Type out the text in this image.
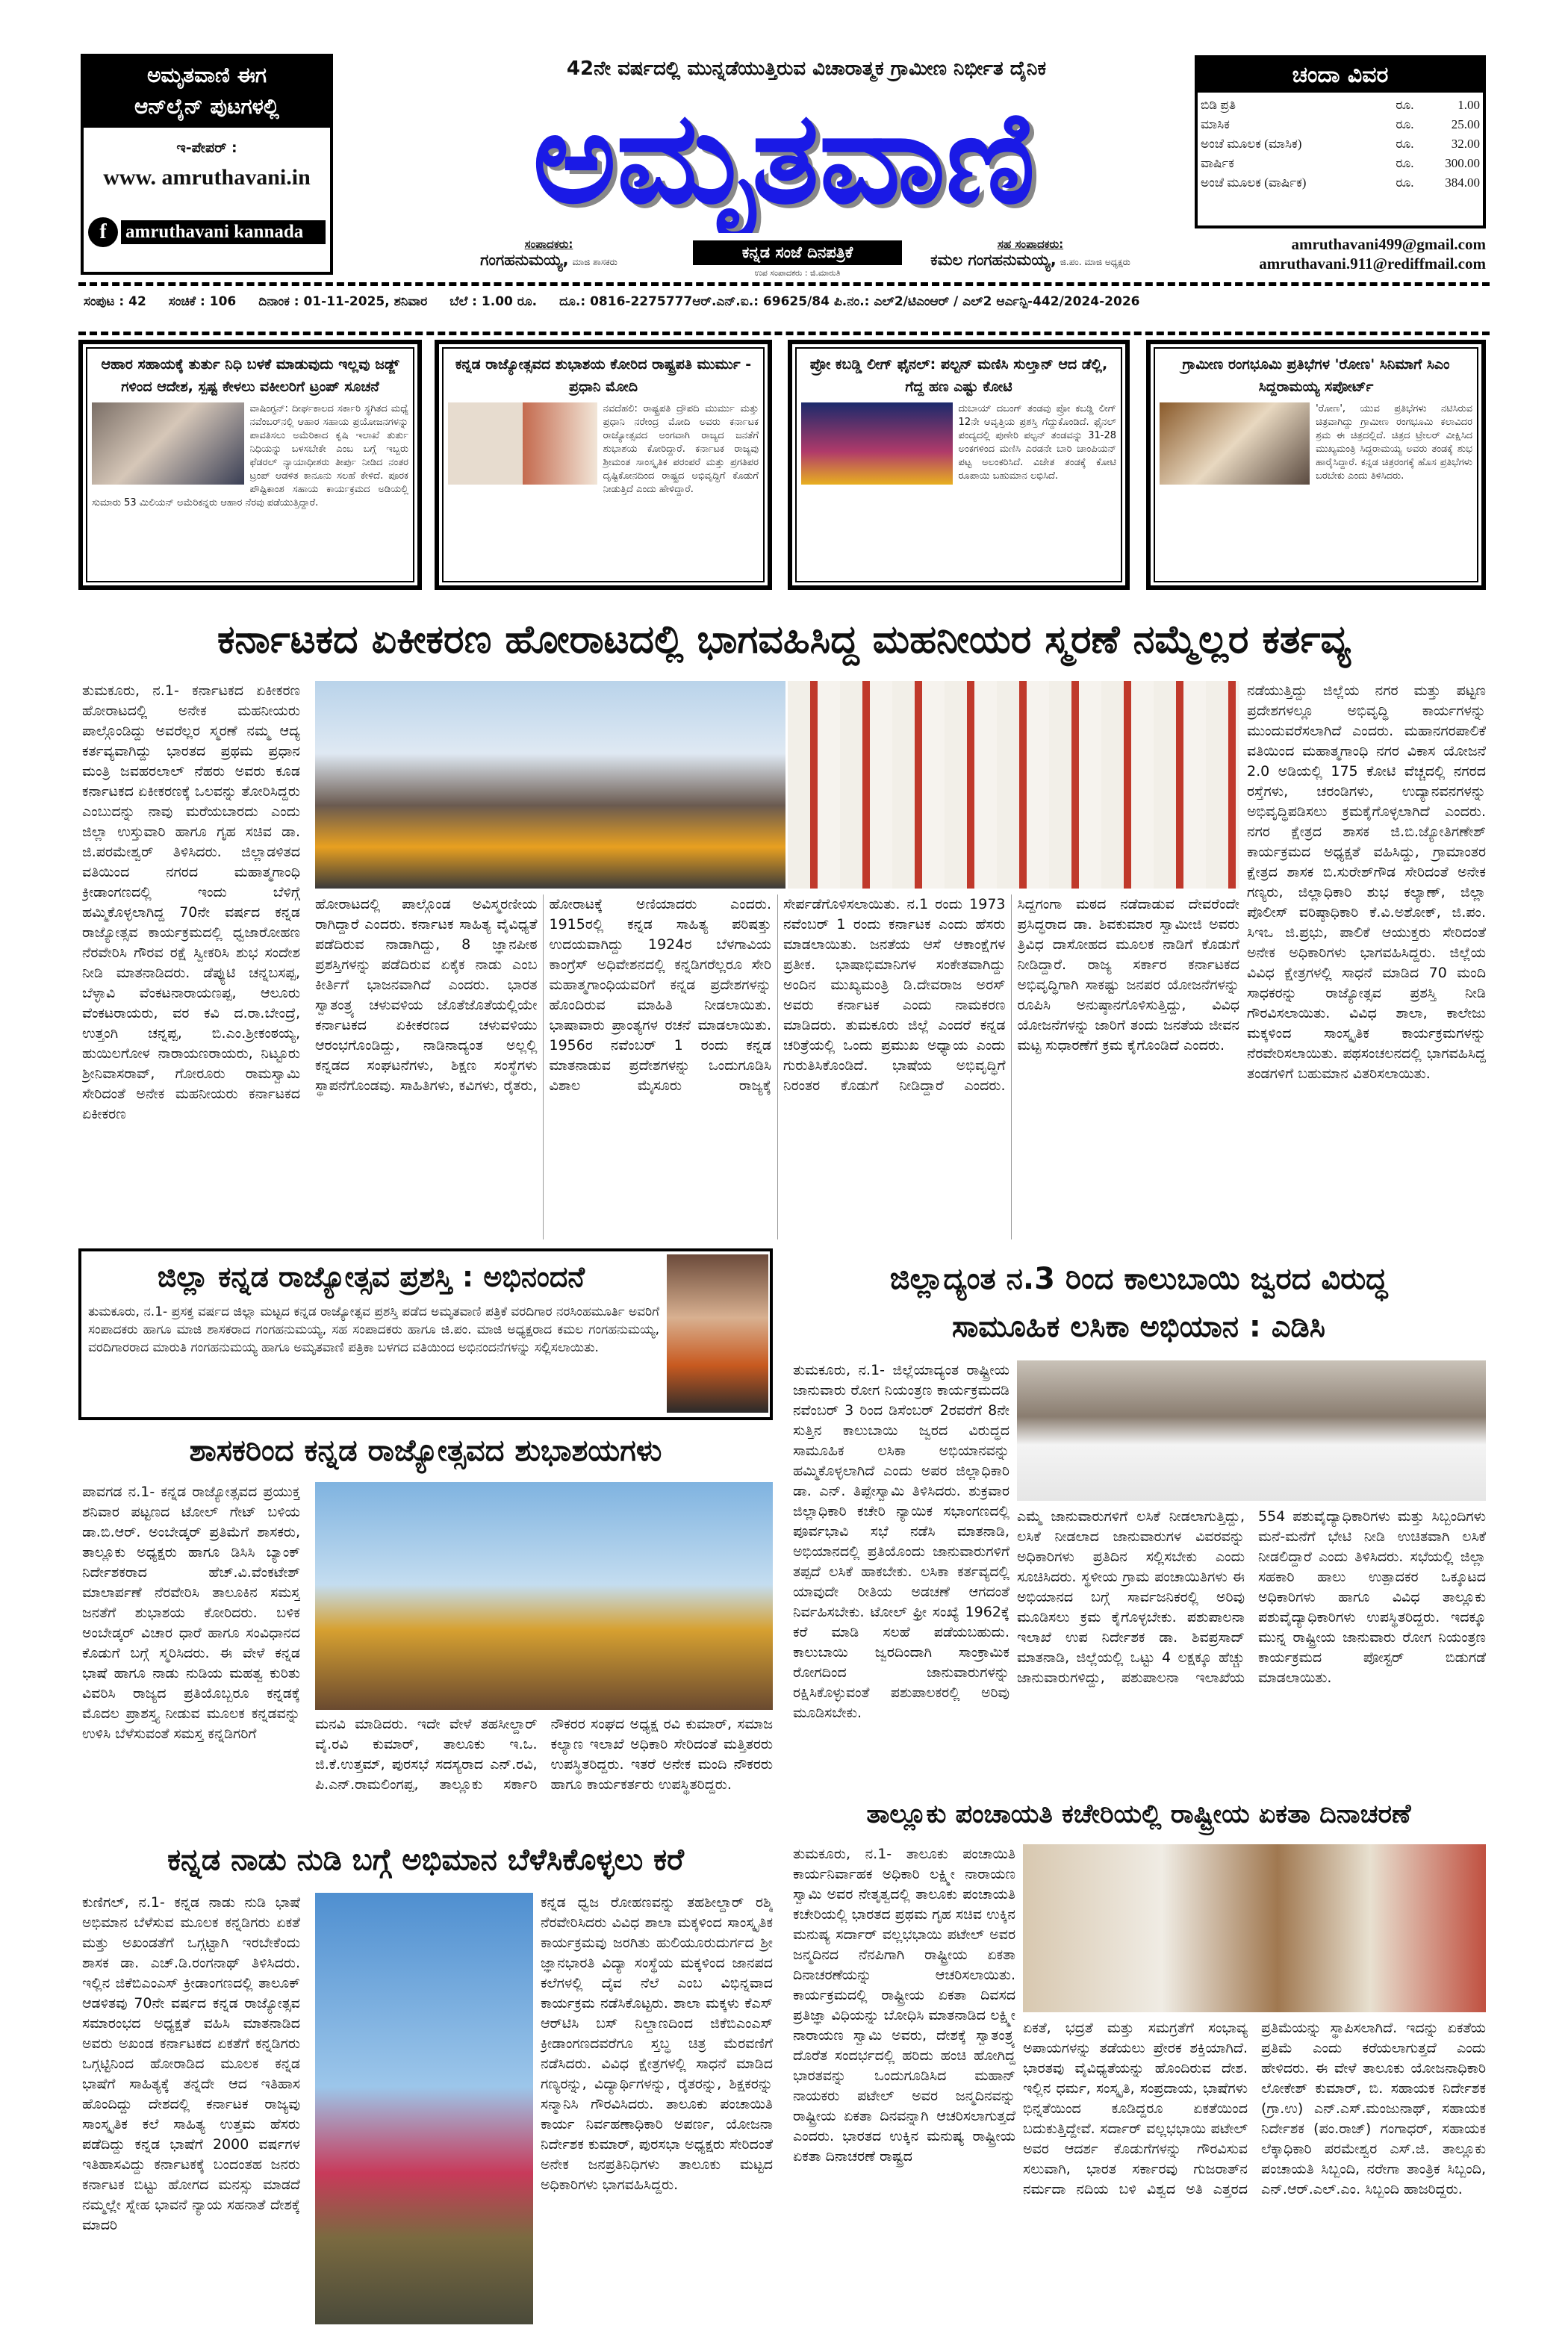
ಅಮೃತವಾಣಿ ಈಗ
ಆನ್‌ಲೈನ್ ಪುಟಗಳಲ್ಲಿ
ಇ-ಪೇಪರ್ :
www. amruthavani.in
f	amruthavani kannada
42ನೇ ವರ್ಷದಲ್ಲಿ ಮುನ್ನಡೆಯುತ್ತಿರುವ ವಿಚಾರಾತ್ಮಕ ಗ್ರಾಮೀಣ ನಿರ್ಭೀತ ದೈನಿಕ
ಅಮೃತವಾಣಿ
ಸಂಪಾದಕರು:
ಗಂಗಹನುಮಯ್ಯ, ಮಾಜಿ ಶಾಸಕರು
ಕನ್ನಡ ಸಂಜೆ ದಿನಪತ್ರಿಕೆ
ಉಪ ಸಂಪಾದಕರು : ಜಿ.ಮಾರುತಿ
ಸಹ ಸಂಪಾದಕರು:
ಕಮಲ ಗಂಗಹನುಮಯ್ಯ, ಜಿ.ಪಂ. ಮಾಜಿ ಅಧ್ಯಕ್ಷರು
ಚಂದಾ ವಿವರ
ಬಿಡಿ ಪ್ರತಿ	ರೂ.	1.00
ಮಾಸಿಕ	ರೂ.	25.00
ಅಂಚೆ ಮೂಲಕ (ಮಾಸಿಕ)	ರೂ.	32.00
ವಾರ್ಷಿಕ	ರೂ.	300.00
ಅಂಚೆ ಮೂಲಕ (ವಾರ್ಷಿಕ)	ರೂ.	384.00
amruthavani499@gmail.com
amruthavani.911@rediffmail.com
ಸಂಪುಟ : 42 ಸಂಚಿಕೆ : 106 ದಿನಾಂಕ : 01-11-2025, ಶನಿವಾರ ಬೆಲೆ : 1.00 ರೂ. ದೂ.: 0816-2275777ಆರ್.ಎನ್.ಐ.: 69625/84 ಪಿ.ನಂ.: ಎಲ್2/ಟಿಎಂಆರ್ / ಎಲ್2 ಆರ್ಎನ್ಪಿ-442/2024-2026
ಆಹಾರ ಸಹಾಯಕ್ಕೆ ತುರ್ತು ನಿಧಿ ಬಳಕೆ ಮಾಡುವುದು ಇಲ್ಲವು ಜಡ್ಜ್ ಗಳಿಂದ ಆದೇಶ, ಸ್ಪಷ್ಟ ಕೇಳಲು ವಕೀಲರಿಗೆ ಟ್ರಂಪ್ ಸೂಚನೆ

ವಾಷಿಂಗ್ಟನ್: ದೀರ್ಘಕಾಲದ ಸರ್ಕಾರಿ ಸ್ಥಗಿತದ ಮಧ್ಯೆ ನವೆಂಬರ್‌ನಲ್ಲಿ ಆಹಾರ ಸಹಾಯ ಪ್ರಯೋಜನಗಳನ್ನು ಪಾವತಿಸಲು ಅಮೆರಿಕಾದ ಕೃಷಿ ಇಲಾಖೆ ತುರ್ತು ನಿಧಿಯನ್ನು ಬಳಸಬೇಕೇ ಎಂಬ ಬಗ್ಗೆ ಇಬ್ಬರು ಫೆಡರಲ್ ನ್ಯಾಯಾಧೀಶರು ತೀರ್ಪು ನೀಡಿದ ನಂತರ ಟ್ರಂಪ್ ಆಡಳಿತ ಕಾನೂನು ಸಲಹೆ ಕೇಳಿದೆ. ಪೂರಕ ಪೌಷ್ಟಿಕಾಂಶ ಸಹಾಯ ಕಾರ್ಯಕ್ರಮದ ಅಡಿಯಲ್ಲಿ ಸುಮಾರು 53 ಮಿಲಿಯನ್ ಅಮೆರಿಕನ್ನರು ಆಹಾರ ನೆರವು ಪಡೆಯುತ್ತಿದ್ದಾರೆ.

ಕನ್ನಡ ರಾಜ್ಯೋತ್ಸವದ ಶುಭಾಶಯ ಕೋರಿದ ರಾಷ್ಟ್ರಪತಿ ಮುರ್ಮು - ಪ್ರಧಾನಿ ಮೋದಿ

ನವದೆಹಲಿ: ರಾಷ್ಟ್ರಪತಿ ದ್ರೌಪದಿ ಮುರ್ಮು ಮತ್ತು ಪ್ರಧಾನಿ ನರೇಂದ್ರ ಮೋದಿ ಅವರು ಕರ್ನಾಟಕ ರಾಜ್ಯೋತ್ಸವದ ಅಂಗವಾಗಿ ರಾಜ್ಯದ ಜನತೆಗೆ ಶುಭಾಶಯ ಕೋರಿದ್ದಾರೆ. ಕರ್ನಾಟಕ ರಾಜ್ಯವು ಶ್ರೀಮಂತ ಸಾಂಸ್ಕೃತಿಕ ಪರಂಪರೆ ಮತ್ತು ಪ್ರಗತಿಪರ ದೃಷ್ಟಿಕೋನದಿಂದ ರಾಷ್ಟ್ರದ ಅಭಿವೃದ್ಧಿಗೆ ಕೊಡುಗೆ ನೀಡುತ್ತಿದೆ ಎಂದು ಹೇಳಿದ್ದಾರೆ.

ಪ್ರೋ ಕಬಡ್ಡಿ ಲೀಗ್ ಫೈನಲ್: ಪಲ್ಟನ್ ಮಣಿಸಿ ಸುಲ್ತಾನ್ ಆದ ಡೆಲ್ಲಿ, ಗೆದ್ದ ಹಣ ಎಷ್ಟು ಕೋಟಿ

ದುಬಾಯ್ ದಬಂಗ್ ತಂಡವು ಪ್ರೋ ಕಬಡ್ಡಿ ಲೀಗ್ 12ನೇ ಆವೃತ್ತಿಯ ಪ್ರಶಸ್ತಿ ಗೆದ್ದುಕೊಂಡಿದೆ. ಫೈನಲ್ ಪಂದ್ಯದಲ್ಲಿ ಪುಣೇರಿ ಪಲ್ಟನ್ ತಂಡವನ್ನು 31-28 ಅಂಕಗಳಿಂದ ಮಣಿಸಿ ಎರಡನೇ ಬಾರಿ ಚಾಂಪಿಯನ್ ಪಟ್ಟ ಅಲಂಕರಿಸಿದೆ. ವಿಜೇತ ತಂಡಕ್ಕೆ ಕೋಟಿ ರೂಪಾಯಿ ಬಹುಮಾನ ಲಭಿಸಿದೆ.

ಗ್ರಾಮೀಣ ರಂಗಭೂಮಿ ಪ್ರತಿಭೆಗಳ 'ರೋಣ' ಸಿನಿಮಾಗೆ ಸಿಎಂ ಸಿದ್ದರಾಮಯ್ಯ ಸಪೋರ್ಟ್

'ರೋಣ', ಯುವ ಪ್ರತಿಭೆಗಳು ನಟಿಸಿರುವ ಚಿತ್ರವಾಗಿದ್ದು ಗ್ರಾಮೀಣ ರಂಗಭೂಮಿ ಕಲಾವಿದರ ಶ್ರಮ ಈ ಚಿತ್ರದಲ್ಲಿದೆ. ಚಿತ್ರದ ಟ್ರೇಲರ್ ವೀಕ್ಷಿಸಿದ ಮುಖ್ಯಮಂತ್ರಿ ಸಿದ್ದರಾಮಯ್ಯ ಅವರು ತಂಡಕ್ಕೆ ಶುಭ ಹಾರೈಸಿದ್ದಾರೆ. ಕನ್ನಡ ಚಿತ್ರರಂಗಕ್ಕೆ ಹೊಸ ಪ್ರತಿಭೆಗಳು ಬರಬೇಕು ಎಂದು ತಿಳಿಸಿದರು.

ಕರ್ನಾಟಕದ ಏಕೀಕರಣ ಹೋರಾಟದಲ್ಲಿ ಭಾಗವಹಿಸಿದ್ದ ಮಹನೀಯರ ಸ್ಮರಣೆ ನಮ್ಮೆಲ್ಲರ ಕರ್ತವ್ಯ
ತುಮಕೂರು, ನ.1- ಕರ್ನಾಟಕದ ಏಕೀಕರಣ ಹೋರಾಟದಲ್ಲಿ ಅನೇಕ ಮಹನೀಯರು ಪಾಲ್ಗೊಂಡಿದ್ದು ಅವರೆಲ್ಲರ ಸ್ಮರಣೆ ನಮ್ಮ ಆದ್ಯ ಕರ್ತವ್ಯವಾಗಿದ್ದು ಭಾರತದ ಪ್ರಥಮ ಪ್ರಧಾನ ಮಂತ್ರಿ ಜವಹರಲಾಲ್ ನೆಹರು ಅವರು ಕೂಡ ಕರ್ನಾಟಕದ ಏಕೀಕರಣಕ್ಕೆ ಒಲವನ್ನು ತೋರಿಸಿದ್ದರು ಎಂಬುದನ್ನು ನಾವು ಮರೆಯಬಾರದು ಎಂದು ಜಿಲ್ಲಾ ಉಸ್ತುವಾರಿ ಹಾಗೂ ಗೃಹ ಸಚಿವ ಡಾ. ಜಿ.ಪರಮೇಶ್ವರ್ ತಿಳಿಸಿದರು. ಜಿಲ್ಲಾಡಳಿತದ ವತಿಯಿಂದ ನಗರದ ಮಹಾತ್ಮಗಾಂಧಿ ಕ್ರೀಡಾಂಗಣದಲ್ಲಿ ಇಂದು ಬೆಳಿಗ್ಗೆ ಹಮ್ಮಿಕೊಳ್ಳಲಾಗಿದ್ದ 70ನೇ ವರ್ಷದ ಕನ್ನಡ ರಾಜ್ಯೋತ್ಸವ ಕಾರ್ಯಕ್ರಮದಲ್ಲಿ ಧ್ವಜಾರೋಹಣ ನೆರವೇರಿಸಿ ಗೌರವ ರಕ್ಷೆ ಸ್ವೀಕರಿಸಿ ಶುಭ ಸಂದೇಶ ನೀಡಿ ಮಾತನಾಡಿದರು. ಡೆಪ್ಯುಟಿ ಚನ್ನಬಸಪ್ಪ, ಬೆಳ್ಳಾವಿ ವೆಂಕಟನಾರಾಯಣಪ್ಪ, ಆಲೂರು ವೆಂಕಟರಾಯರು, ವರ ಕವಿ ದ.ರಾ.ಬೇಂದ್ರೆ, ಉತ್ತಂಗಿ ಚನ್ನಪ್ಪ, ಬಿ.ಎಂ.ಶ್ರೀಕಂಠಯ್ಯ, ಹುಯಿಲಗೋಳ ನಾರಾಯಣರಾಯರು, ನಿಟ್ಟೂರು ಶ್ರೀನಿವಾಸರಾವ್, ಗೋರೂರು ರಾಮಸ್ವಾಮಿ ಸೇರಿದಂತೆ ಅನೇಕ ಮಹನೀಯರು ಕರ್ನಾಟಕದ ಏಕೀಕರಣ
ಹೋರಾಟದಲ್ಲಿ ಪಾಲ್ಗೊಂಡ ಅವಿಸ್ಮರಣೀಯ ರಾಗಿದ್ದಾರೆ ಎಂದರು. ಕರ್ನಾಟಕ ಸಾಹಿತ್ಯ ವೈವಿಧ್ಯತೆ ಪಡೆದಿರುವ ನಾಡಾಗಿದ್ದು, 8 ಜ್ಞಾನಪೀಠ ಪ್ರಶಸ್ತಿಗಳನ್ನು ಪಡೆದಿರುವ ಏಕೈಕ ನಾಡು ಎಂಬ ಕೀರ್ತಿಗೆ ಭಾಜನವಾಗಿದೆ ಎಂದರು. ಭಾರತ ಸ್ವಾತಂತ್ರ್ಯ ಚಳುವಳಿಯ ಜೊತೆಜೊತೆಯಲ್ಲಿಯೇ ಕರ್ನಾಟಕದ ಏಕೀಕರಣದ ಚಳುವಳಿಯು ಆರಂಭಗೊಂಡಿದ್ದು, ನಾಡಿನಾದ್ಯಂತ ಅಲ್ಲಲ್ಲಿ ಕನ್ನಡದ ಸಂಘಟನೆಗಳು, ಶಿಕ್ಷಣ ಸಂಸ್ಥೆಗಳು ಸ್ಥಾಪನೆಗೊಂಡವು. ಸಾಹಿತಿಗಳು, ಕವಿಗಳು, ರೈತರು, ಹೋರಾಟಕ್ಕೆ ಅಣಿಯಾದರು ಎಂದರು. 1915ರಲ್ಲಿ ಕನ್ನಡ ಸಾಹಿತ್ಯ ಪರಿಷತ್ತು ಉದಯವಾಗಿದ್ದು 1924ರ ಬೆಳಗಾವಿಯ ಕಾಂಗ್ರೆಸ್ ಅಧಿವೇಶನದಲ್ಲಿ ಕನ್ನಡಿಗರೆಲ್ಲರೂ ಸೇರಿ ಮಹಾತ್ಮಗಾಂಧಿಯವರಿಗೆ ಕನ್ನಡ ಪ್ರದೇಶಗಳನ್ನು ಹೊಂದಿರುವ ಮಾಹಿತಿ ನೀಡಲಾಯಿತು. ಭಾಷಾವಾರು ಪ್ರಾಂತ್ಯಗಳ ರಚನೆ ಮಾಡಲಾಯಿತು. 1956ರ ನವೆಂಬರ್ 1 ರಂದು ಕನ್ನಡ ಮಾತನಾಡುವ ಪ್ರದೇಶಗಳನ್ನು ಒಂದುಗೂಡಿಸಿ ವಿಶಾಲ ಮೈಸೂರು ರಾಜ್ಯಕ್ಕೆ ಸೇರ್ಪಡೆಗೊಳಿಸಲಾಯಿತು. ನ.1 ರಂದು 1973 ನವೆಂಬರ್ 1 ರಂದು ಕರ್ನಾಟಕ ಎಂದು ಹೆಸರು ಮಾಡಲಾಯಿತು. ಜನತೆಯ ಆಸೆ ಆಕಾಂಕ್ಷೆಗಳ ಪ್ರತೀಕ. ಭಾಷಾಭಿಮಾನಿಗಳ ಸಂಕೇತವಾಗಿದ್ದು ಅಂದಿನ ಮುಖ್ಯಮಂತ್ರಿ ಡಿ.ದೇವರಾಜ ಅರಸ್ ಅವರು ಕರ್ನಾಟಕ ಎಂದು ನಾಮಕರಣ ಮಾಡಿದರು. ತುಮಕೂರು ಜಿಲ್ಲೆ ಎಂದರೆ ಕನ್ನಡ ಚರಿತ್ರೆಯಲ್ಲಿ ಒಂದು ಪ್ರಮುಖ ಅಧ್ಯಾಯ ಎಂದು ಗುರುತಿಸಿಕೊಂಡಿದೆ. ಭಾಷೆಯ ಅಭಿವೃದ್ಧಿಗೆ ನಿರಂತರ ಕೊಡುಗೆ ನೀಡಿದ್ದಾರೆ ಎಂದರು. ಸಿದ್ದಗಂಗಾ ಮಠದ ನಡೆದಾಡುವ ದೇವರೆಂದೇ ಪ್ರಸಿದ್ಧರಾದ ಡಾ. ಶಿವಕುಮಾರ ಸ್ವಾಮೀಜಿ ಅವರು ತ್ರಿವಿಧ ದಾಸೋಹದ ಮೂಲಕ ನಾಡಿಗೆ ಕೊಡುಗೆ ನೀಡಿದ್ದಾರೆ. ರಾಜ್ಯ ಸರ್ಕಾರ ಕರ್ನಾಟಕದ ಅಭಿವೃದ್ಧಿಗಾಗಿ ಸಾಕಷ್ಟು ಜನಪರ ಯೋಜನೆಗಳನ್ನು ರೂಪಿಸಿ ಅನುಷ್ಠಾನಗೊಳಿಸುತ್ತಿದ್ದು, ವಿವಿಧ ಯೋಜನೆಗಳನ್ನು ಜಾರಿಗೆ ತಂದು ಜನತೆಯ ಜೀವನ ಮಟ್ಟ ಸುಧಾರಣೆಗೆ ಕ್ರಮ ಕೈಗೊಂಡಿದೆ ಎಂದರು.
ನಡೆಯುತ್ತಿದ್ದು ಜಿಲ್ಲೆಯ ನಗರ ಮತ್ತು ಪಟ್ಟಣ ಪ್ರದೇಶಗಳಲ್ಲೂ ಅಭಿವೃದ್ಧಿ ಕಾರ್ಯಗಳನ್ನು ಮುಂದುವರೆಸಲಾಗಿದೆ ಎಂದರು. ಮಹಾನಗರಪಾಲಿಕೆ ವತಿಯಿಂದ ಮಹಾತ್ಮಗಾಂಧಿ ನಗರ ವಿಕಾಸ ಯೋಜನೆ 2.0 ಅಡಿಯಲ್ಲಿ 175 ಕೋಟಿ ವೆಚ್ಚದಲ್ಲಿ ನಗರದ ರಸ್ತೆಗಳು, ಚರಂಡಿಗಳು, ಉದ್ಯಾನವನಗಳನ್ನು ಅಭಿವೃದ್ಧಿಪಡಿಸಲು ಕ್ರಮಕೈಗೊಳ್ಳಲಾಗಿದೆ ಎಂದರು. ನಗರ ಕ್ಷೇತ್ರದ ಶಾಸಕ ಜಿ.ಬಿ.ಜ್ಯೋತಿಗಣೇಶ್ ಕಾರ್ಯಕ್ರಮದ ಅಧ್ಯಕ್ಷತೆ ವಹಿಸಿದ್ದು, ಗ್ರಾಮಾಂತರ ಕ್ಷೇತ್ರದ ಶಾಸಕ ಬಿ.ಸುರೇಶ್‌ಗೌಡ ಸೇರಿದಂತೆ ಅನೇಕ ಗಣ್ಯರು, ಜಿಲ್ಲಾಧಿಕಾರಿ ಶುಭ ಕಲ್ಯಾಣ್, ಜಿಲ್ಲಾ ಪೊಲೀಸ್ ವರಿಷ್ಠಾಧಿಕಾರಿ ಕೆ.ವಿ.ಅಶೋಕ್, ಜಿ.ಪಂ. ಸಿಇಒ ಜಿ.ಪ್ರಭು, ಪಾಲಿಕೆ ಆಯುಕ್ತರು ಸೇರಿದಂತೆ ಅನೇಕ ಅಧಿಕಾರಿಗಳು ಭಾಗವಹಿಸಿದ್ದರು. ಜಿಲ್ಲೆಯ ವಿವಿಧ ಕ್ಷೇತ್ರಗಳಲ್ಲಿ ಸಾಧನೆ ಮಾಡಿದ 70 ಮಂದಿ ಸಾಧಕರನ್ನು ರಾಜ್ಯೋತ್ಸವ ಪ್ರಶಸ್ತಿ ನೀಡಿ ಗೌರವಿಸಲಾಯಿತು. ವಿವಿಧ ಶಾಲಾ, ಕಾಲೇಜು ಮಕ್ಕಳಿಂದ ಸಾಂಸ್ಕೃತಿಕ ಕಾರ್ಯಕ್ರಮಗಳನ್ನು ನೆರವೇರಿಸಲಾಯಿತು. ಪಥಸಂಚಲನದಲ್ಲಿ ಭಾಗವಹಿಸಿದ್ದ ತಂಡಗಳಿಗೆ ಬಹುಮಾನ ವಿತರಿಸಲಾಯಿತು.
ಜಿಲ್ಲಾ ಕನ್ನಡ ರಾಜ್ಯೋತ್ಸವ ಪ್ರಶಸ್ತಿ : ಅಭಿನಂದನೆ
ತುಮಕೂರು, ನ.1- ಪ್ರಸಕ್ತ ವರ್ಷದ ಜಿಲ್ಲಾ ಮಟ್ಟದ ಕನ್ನಡ ರಾಜ್ಯೋತ್ಸವ ಪ್ರಶಸ್ತಿ ಪಡೆದ ಅಮೃತವಾಣಿ ಪತ್ರಿಕೆ ವರದಿಗಾರ ನರಸಿಂಹಮೂರ್ತಿ ಅವರಿಗೆ ಸಂಪಾದಕರು ಹಾಗೂ ಮಾಜಿ ಶಾಸಕರಾದ ಗಂಗಹನುಮಯ್ಯ, ಸಹ ಸಂಪಾದಕರು ಹಾಗೂ ಜಿ.ಪಂ. ಮಾಜಿ ಅಧ್ಯಕ್ಷರಾದ ಕಮಲ ಗಂಗಹನುಮಯ್ಯ, ವರದಿಗಾರರಾದ ಮಾರುತಿ ಗಂಗಹನುಮಯ್ಯ ಹಾಗೂ ಅಮೃತವಾಣಿ ಪತ್ರಿಕಾ ಬಳಗದ ವತಿಯಿಂದ ಅಭಿನಂದನೆಗಳನ್ನು ಸಲ್ಲಿಸಲಾಯಿತು.
ಜಿಲ್ಲಾದ್ಯಂತ ನ.3 ರಿಂದ ಕಾಲುಬಾಯಿ ಜ್ವರದ ವಿರುದ್ಧ
ಸಾಮೂಹಿಕ ಲಸಿಕಾ ಅಭಿಯಾನ : ಎಡಿಸಿ
ತುಮಕೂರು, ನ.1- ಜಿಲ್ಲೆಯಾದ್ಯಂತ ರಾಷ್ಟ್ರೀಯ ಜಾನುವಾರು ರೋಗ ನಿಯಂತ್ರಣ ಕಾರ್ಯಕ್ರಮದಡಿ ನವೆಂಬರ್ 3 ರಿಂದ ಡಿಸೆಂಬರ್ 2ರವರೆಗೆ 8ನೇ ಸುತ್ತಿನ ಕಾಲುಬಾಯಿ ಜ್ವರದ ವಿರುದ್ಧದ ಸಾಮೂಹಿಕ ಲಸಿಕಾ ಅಭಿಯಾನವನ್ನು ಹಮ್ಮಿಕೊಳ್ಳಲಾಗಿದೆ ಎಂದು ಅಪರ ಜಿಲ್ಲಾಧಿಕಾರಿ ಡಾ. ಎನ್. ತಿಪ್ಪೇಸ್ವಾಮಿ ತಿಳಿಸಿದರು. ಶುಕ್ರವಾರ ಜಿಲ್ಲಾಧಿಕಾರಿ ಕಚೇರಿ ನ್ಯಾಯಿಕ ಸಭಾಂಗಣದಲ್ಲಿ ಪೂರ್ವಭಾವಿ ಸಭೆ ನಡೆಸಿ ಮಾತನಾಡಿ, ಅಭಿಯಾನದಲ್ಲಿ ಪ್ರತಿಯೊಂದು ಜಾನುವಾರುಗಳಿಗೆ ತಪ್ಪದೆ ಲಸಿಕೆ ಹಾಕಬೇಕು. ಲಸಿಕಾ ಕರ್ತವ್ಯದಲ್ಲಿ ಯಾವುದೇ ರೀತಿಯ ಅಡಚಣೆ ಆಗದಂತೆ ನಿರ್ವಹಿಸಬೇಕು. ಟೋಲ್ ಫ್ರೀ ಸಂಖ್ಯೆ 1962ಕ್ಕೆ ಕರೆ ಮಾಡಿ ಸಲಹೆ ಪಡೆಯಬಹುದು. ಕಾಲುಬಾಯಿ ಜ್ವರದಿಂದಾಗಿ ಸಾಂಕ್ರಾಮಿಕ ರೋಗದಿಂದ ಜಾನುವಾರುಗಳನ್ನು ರಕ್ಷಿಸಿಕೊಳ್ಳುವಂತೆ ಪಶುಪಾಲಕರಲ್ಲಿ ಅರಿವು ಮೂಡಿಸಬೇಕು.
ಎಮ್ಮೆ ಜಾನುವಾರುಗಳಿಗೆ ಲಸಿಕೆ ನೀಡಲಾಗುತ್ತಿದ್ದು, ಲಸಿಕೆ ನೀಡಲಾದ ಜಾನುವಾರುಗಳ ವಿವರವನ್ನು ಅಧಿಕಾರಿಗಳು ಪ್ರತಿದಿನ ಸಲ್ಲಿಸಬೇಕು ಎಂದು ಸೂಚಿಸಿದರು. ಸ್ಥಳೀಯ ಗ್ರಾಮ ಪಂಚಾಯಿತಿಗಳು ಈ ಅಭಿಯಾನದ ಬಗ್ಗೆ ಸಾರ್ವಜನಿಕರಲ್ಲಿ ಅರಿವು ಮೂಡಿಸಲು ಕ್ರಮ ಕೈಗೊಳ್ಳಬೇಕು. ಪಶುಪಾಲನಾ ಇಲಾಖೆ ಉಪ ನಿರ್ದೇಶಕ ಡಾ. ಶಿವಪ್ರಸಾದ್ ಮಾತನಾಡಿ, ಜಿಲ್ಲೆಯಲ್ಲಿ ಒಟ್ಟು 4 ಲಕ್ಷಕ್ಕೂ ಹೆಚ್ಚು ಜಾನುವಾರುಗಳಿದ್ದು, ಪಶುಪಾಲನಾ ಇಲಾಖೆಯ 554 ಪಶುವೈದ್ಯಾಧಿಕಾರಿಗಳು ಮತ್ತು ಸಿಬ್ಬಂದಿಗಳು ಮನೆ-ಮನೆಗೆ ಭೇಟಿ ನೀಡಿ ಉಚಿತವಾಗಿ ಲಸಿಕೆ ನೀಡಲಿದ್ದಾರೆ ಎಂದು ತಿಳಿಸಿದರು. ಸಭೆಯಲ್ಲಿ ಜಿಲ್ಲಾ ಸಹಕಾರಿ ಹಾಲು ಉತ್ಪಾದಕರ ಒಕ್ಕೂಟದ ಅಧಿಕಾರಿಗಳು ಹಾಗೂ ವಿವಿಧ ತಾಲ್ಲೂಕು ಪಶುವೈದ್ಯಾಧಿಕಾರಿಗಳು ಉಪಸ್ಥಿತರಿದ್ದರು. ಇದಕ್ಕೂ ಮುನ್ನ ರಾಷ್ಟ್ರೀಯ ಜಾನುವಾರು ರೋಗ ನಿಯಂತ್ರಣ ಕಾರ್ಯಕ್ರಮದ ಪೋಸ್ಟರ್ ಬಿಡುಗಡೆ ಮಾಡಲಾಯಿತು.
ಶಾಸಕರಿಂದ ಕನ್ನಡ ರಾಜ್ಯೋತ್ಸವದ ಶುಭಾಶಯಗಳು
ಪಾವಗಡ ನ.1- ಕನ್ನಡ ರಾಜ್ಯೋತ್ಸವದ ಪ್ರಯುಕ್ತ ಶನಿವಾರ ಪಟ್ಟಣದ ಟೋಲ್ ಗೇಟ್ ಬಳಿಯ ಡಾ.ಬಿ.ಆರ್. ಅಂಬೇಡ್ಕರ್ ಪ್ರತಿಮೆಗೆ ಶಾಸಕರು, ತಾಲ್ಲೂಕು ಅಧ್ಯಕ್ಷರು ಹಾಗೂ ಡಿಸಿಸಿ ಬ್ಯಾಂಕ್ ನಿರ್ದೇಶಕರಾದ ಹೆಚ್.ವಿ.ವೆಂಕಟೇಶ್ ಮಾಲಾರ್ಪಣೆ ನೆರವೇರಿಸಿ ತಾಲೂಕಿನ ಸಮಸ್ತ ಜನತೆಗೆ ಶುಭಾಶಯ ಕೋರಿದರು. ಬಳಿಕ ಅಂಬೇಡ್ಕರ್ ವಿಚಾರ ಧಾರೆ ಹಾಗೂ ಸಂವಿಧಾನದ ಕೊಡುಗೆ ಬಗ್ಗೆ ಸ್ಮರಿಸಿದರು. ಈ ವೇಳೆ ಕನ್ನಡ ಭಾಷೆ ಹಾಗೂ ನಾಡು ನುಡಿಯ ಮಹತ್ವ ಕುರಿತು ವಿವರಿಸಿ ರಾಜ್ಯದ ಪ್ರತಿಯೊಬ್ಬರೂ ಕನ್ನಡಕ್ಕೆ ಮೊದಲ ಪ್ರಾಶಸ್ತ್ಯ ನೀಡುವ ಮೂಲಕ ಕನ್ನಡವನ್ನು ಉಳಿಸಿ ಬೆಳೆಸುವಂತೆ ಸಮಸ್ತ ಕನ್ನಡಿಗರಿಗೆ
ಮನವಿ ಮಾಡಿದರು. ಇದೇ ವೇಳೆ ತಹಸೀಲ್ದಾರ್ ವೈ.ರವಿ ಕುಮಾರ್, ತಾಲೂಕು ಇ.ಒ. ಜಿ.ಕೆ.ಉತ್ತಮ್, ಪುರಸಭೆ ಸದಸ್ಯರಾದ ಎನ್.ರವಿ, ಪಿ.ಎನ್.ರಾಮಲಿಂಗಪ್ಪ, ತಾಲ್ಲೂಕು ಸರ್ಕಾರಿ ನೌಕರರ ಸಂಘದ ಅಧ್ಯಕ್ಷ ರವಿ ಕುಮಾರ್, ಸಮಾಜ ಕಲ್ಯಾಣ ಇಲಾಖೆ ಅಧಿಕಾರಿ ಸೇರಿದಂತೆ ಮತ್ತಿತರರು ಉಪಸ್ಥಿತರಿದ್ದರು. ಇತರೆ ಅನೇಕ ಮಂದಿ ನೌಕರರು ಹಾಗೂ ಕಾರ್ಯಕರ್ತರು ಉಪಸ್ಥಿತರಿದ್ದರು.
ಕನ್ನಡ ನಾಡು ನುಡಿ ಬಗ್ಗೆ ಅಭಿಮಾನ ಬೆಳೆಸಿಕೊಳ್ಳಲು ಕರೆ
ಕುಣಿಗಲ್, ನ.1- ಕನ್ನಡ ನಾಡು ನುಡಿ ಭಾಷೆ ಅಭಿಮಾನ ಬೆಳೆಸುವ ಮೂಲಕ ಕನ್ನಡಿಗರು ಏಕತೆ ಮತ್ತು ಅಖಂಡತೆಗೆ ಒಗ್ಗಟ್ಟಾಗಿ ಇರಬೇಕೆಂದು ಶಾಸಕ ಡಾ. ಎಚ್.ಡಿ.ರಂಗನಾಥ್ ತಿಳಿಸಿದರು. ಇಲ್ಲಿನ ಜಿಕೆಬಿಎಂಎಸ್ ಕ್ರೀಡಾಂಗಣದಲ್ಲಿ ತಾಲೂಕ್ ಆಡಳಿತವು 70ನೇ ವರ್ಷದ ಕನ್ನಡ ರಾಜ್ಯೋತ್ಸವ ಸಮಾರಂಭದ ಅಧ್ಯಕ್ಷತೆ ವಹಿಸಿ ಮಾತನಾಡಿದ ಅವರು ಅಖಂಡ ಕರ್ನಾಟಕದ ಏಕತೆಗೆ ಕನ್ನಡಿಗರು ಒಗ್ಗಟ್ಟಿನಿಂದ ಹೋರಾಡಿದ ಮೂಲಕ ಕನ್ನಡ ಭಾಷೆಗೆ ಸಾಹಿತ್ಯಕ್ಕೆ ತನ್ನದೇ ಆದ ಇತಿಹಾಸ ಹೊಂದಿದ್ದು ದೇಶದಲ್ಲಿ ಕರ್ನಾಟಕ ರಾಜ್ಯವು ಸಾಂಸ್ಕೃತಿಕ ಕಲೆ ಸಾಹಿತ್ಯ ಉತ್ತಮ ಹೆಸರು ಪಡೆದಿದ್ದು ಕನ್ನಡ ಭಾಷೆಗೆ 2000 ವರ್ಷಗಳ ಇತಿಹಾಸವಿದ್ದು ಕರ್ನಾಟಕಕ್ಕೆ ಬಂದಂತಹ ಜನರು ಕರ್ನಾಟಕ ಬಿಟ್ಟು ಹೋಗದ ಮನಸ್ಸು ಮಾಡದೆ ನಮ್ಮಲ್ಲೇ ಸ್ನೇಹ ಭಾವನೆ ನ್ಯಾಯ ಸಹನಾತೆ ದೇಶಕ್ಕೆ ಮಾದರಿ
ಕನ್ನಡ ಧ್ವಜ ರೋಹಣವನ್ನು ತಹಶೀಲ್ದಾರ್ ರಶ್ಮಿ ನೆರವೇರಿಸಿದರು ವಿವಿಧ ಶಾಲಾ ಮಕ್ಕಳಿಂದ ಸಾಂಸ್ಕೃತಿಕ ಕಾರ್ಯಕ್ರಮವು ಜರಗಿತು ಹುಲಿಯೂರುದುರ್ಗದ ಶ್ರೀ ಜ್ಞಾನಭಾರತಿ ವಿದ್ಯಾ ಸಂಸ್ಥೆಯ ಮಕ್ಕಳಿಂದ ಜಾನಪದ ಕಲೆಗಳಲ್ಲಿ ದೈವ ನೆಲೆ ಎಂಬ ವಿಭಿನ್ನವಾದ ಕಾರ್ಯಕ್ರಮ ನಡೆಸಿಕೊಟ್ಟರು. ಶಾಲಾ ಮಕ್ಕಳು ಕೆಎಸ್ ಆರ್‌ಟಿಸಿ ಬಸ್ ನಿಲ್ದಾಣದಿಂದ ಜಿಕೆಬಿಎಂಎಸ್ ಕ್ರೀಡಾಂಗಣದವರೆಗೂ ಸ್ತಬ್ಧ ಚಿತ್ರ ಮೆರವಣಿಗೆ ನಡೆಸಿದರು. ವಿವಿಧ ಕ್ಷೇತ್ರಗಳಲ್ಲಿ ಸಾಧನೆ ಮಾಡಿದ ಗಣ್ಯರನ್ನು, ವಿದ್ಯಾರ್ಥಿಗಳನ್ನು, ರೈತರನ್ನು, ಶಿಕ್ಷಕರನ್ನು ಸನ್ಮಾನಿಸಿ ಗೌರವಿಸಿದರು. ತಾಲೂಕು ಪಂಚಾಯಿತಿ ಕಾರ್ಯ ನಿರ್ವಹಣಾಧಿಕಾರಿ ಅಪರ್ಣ, ಯೋಜನಾ ನಿರ್ದೇಶಕ ಕುಮಾರ್, ಪುರಸಭಾ ಅಧ್ಯಕ್ಷರು ಸೇರಿದಂತೆ ಅನೇಕ ಜನಪ್ರತಿನಿಧಿಗಳು ತಾಲೂಕು ಮಟ್ಟದ ಅಧಿಕಾರಿಗಳು ಭಾಗವಹಿಸಿದ್ದರು.
ತಾಲ್ಲೂಕು ಪಂಚಾಯತಿ ಕಚೇರಿಯಲ್ಲಿ ರಾಷ್ಟ್ರೀಯ ಏಕತಾ ದಿನಾಚರಣೆ
ತುಮಕೂರು, ನ.1- ತಾಲೂಕು ಪಂಚಾಯಿತಿ ಕಾರ್ಯನಿರ್ವಾಹಕ ಅಧಿಕಾರಿ ಲಕ್ಷ್ಮೀ ನಾರಾಯಣ ಸ್ವಾಮಿ ಅವರ ನೇತೃತ್ವದಲ್ಲಿ ತಾಲೂಕು ಪಂಚಾಯತಿ ಕಚೇರಿಯಲ್ಲಿ ಭಾರತದ ಪ್ರಥಮ ಗೃಹ ಸಚಿವ ಉಕ್ಕಿನ ಮನುಷ್ಯ ಸರ್ದಾರ್ ವಲ್ಲಭಭಾಯಿ ಪಟೇಲ್ ಅವರ ಜನ್ಮದಿನದ ನೆನಪಿಗಾಗಿ ರಾಷ್ಟ್ರೀಯ ಏಕತಾ ದಿನಾಚರಣೆಯನ್ನು ಆಚರಿಸಲಾಯಿತು. ಕಾರ್ಯಕ್ರಮದಲ್ಲಿ ರಾಷ್ಟ್ರೀಯ ಏಕತಾ ದಿವಸದ ಪ್ರತಿಜ್ಞಾ ವಿಧಿಯನ್ನು ಬೋಧಿಸಿ ಮಾತನಾಡಿದ ಲಕ್ಷ್ಮೀ ನಾರಾಯಣ ಸ್ವಾಮಿ ಅವರು, ದೇಶಕ್ಕೆ ಸ್ವಾತಂತ್ರ್ಯ ದೊರೆತ ಸಂದರ್ಭದಲ್ಲಿ ಹರಿದು ಹಂಚಿ ಹೋಗಿದ್ದ ಭಾರತವನ್ನು ಒಂದುಗೂಡಿಸಿದ ಮಹಾನ್ ನಾಯಕರು ಪಟೇಲ್ ಅವರ ಜನ್ಮದಿನವನ್ನು ರಾಷ್ಟ್ರೀಯ ಏಕತಾ ದಿನವನ್ನಾಗಿ ಆಚರಿಸಲಾಗುತ್ತದೆ ಎಂದರು. ಭಾರತದ ಉಕ್ಕಿನ ಮನುಷ್ಯ ರಾಷ್ಟ್ರೀಯ ಏಕತಾ ದಿನಾಚರಣೆ ರಾಷ್ಟ್ರದ
ಏಕತೆ, ಭದ್ರತೆ ಮತ್ತು ಸಮಗ್ರತೆಗೆ ಸಂಭಾವ್ಯ ಅಪಾಯಗಳನ್ನು ತಡೆಯಲು ಪ್ರೇರಕ ಶಕ್ತಿಯಾಗಿದೆ. ಭಾರತವು ವೈವಿಧ್ಯತೆಯನ್ನು ಹೊಂದಿರುವ ದೇಶ. ಇಲ್ಲಿನ ಧರ್ಮ, ಸಂಸ್ಕೃತಿ, ಸಂಪ್ರದಾಯ, ಭಾಷೆಗಳು ಭಿನ್ನತೆಯಿಂದ ಕೂಡಿದ್ದರೂ ಏಕತೆಯಿಂದ ಬದುಕುತ್ತಿದ್ದೇವೆ. ಸರ್ದಾರ್ ವಲ್ಲಭಭಾಯಿ ಪಟೇಲ್ ಅವರ ಆದರ್ಶ ಕೊಡುಗೆಗಳನ್ನು ಗೌರವಿಸುವ ಸಲುವಾಗಿ, ಭಾರತ ಸರ್ಕಾರವು ಗುಜರಾತ್‌ನ ನರ್ಮದಾ ನದಿಯ ಬಳಿ ವಿಶ್ವದ ಅತಿ ಎತ್ತರದ ಪ್ರತಿಮೆಯನ್ನು ಸ್ಥಾಪಿಸಲಾಗಿದೆ. ಇದನ್ನು ಏಕತೆಯ ಪ್ರತಿಮೆ ಎಂದು ಕರೆಯಲಾಗುತ್ತದೆ ಎಂದು ಹೇಳಿದರು. ಈ ವೇಳೆ ತಾಲೂಕು ಯೋಜನಾಧಿಕಾರಿ ಲೋಕೇಶ್ ಕುಮಾರ್, ಬಿ. ಸಹಾಯಕ ನಿರ್ದೇಶಕ (ಗ್ರಾ.ಉ) ಎನ್.ಎಸ್.ಮಂಜುನಾಥ್, ಸಹಾಯಕ ನಿರ್ದೇಶಕ (ಪಂ.ರಾಜ್) ಗಂಗಾಧರ್, ಸಹಾಯಕ ಲೆಕ್ಕಾಧಿಕಾರಿ ಪರಮೇಶ್ವರ ಎಸ್.ಜಿ. ತಾಲ್ಲೂಕು ಪಂಚಾಯತಿ ಸಿಬ್ಬಂದಿ, ನರೇಗಾ ತಾಂತ್ರಿಕ ಸಿಬ್ಬಂದಿ, ಎನ್.ಆರ್.ಎಲ್.ಎಂ. ಸಿಬ್ಬಂದಿ ಹಾಜರಿದ್ದರು.
